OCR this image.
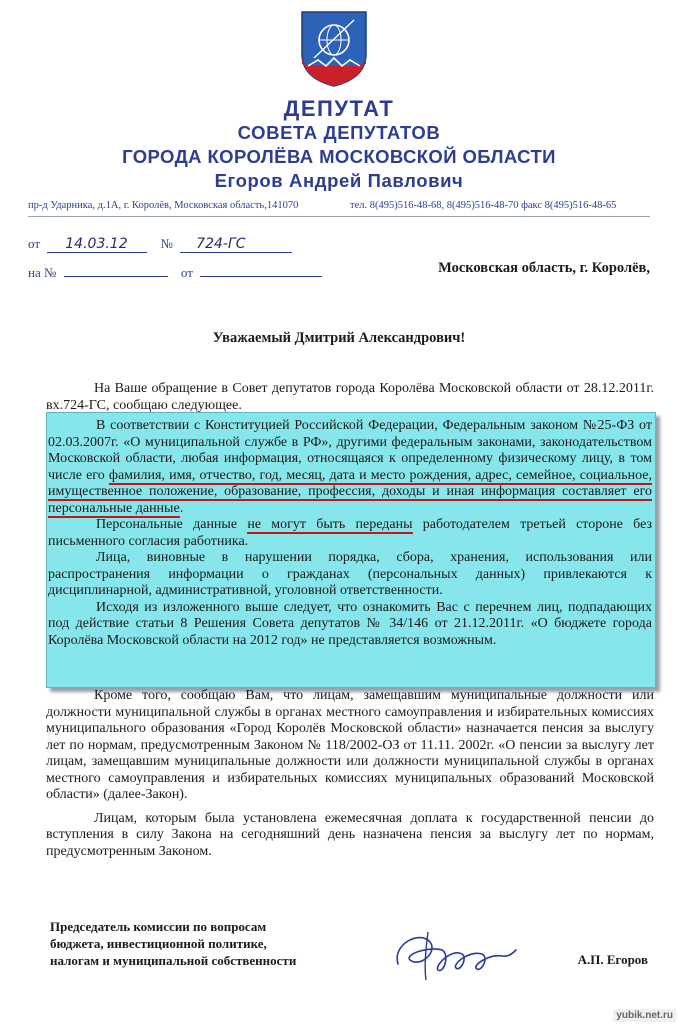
ДЕПУТАТ
СОВЕТА ДЕПУТАТОВ
ГОРОДА КОРОЛЁВА МОСКОВСКОЙ ОБЛАСТИ
Егоров Андрей Павлович
пр-д Ударника, д.1А, г. Королёв, Московская область,141070	тел. 8(495)516-48-68, 8(495)516-48-70 факс 8(495)516-48-65
от 14.03.12	№ 724-ГС
на №	от	Московская область, г. Королёв,
Уважаемый Дмитрий Александрович!

На Ваше обращение в Совет депутатов города Королёва Московской области от 28.12.2011г. вх.724-ГС, сообщаю следующее.

В соответствии с Конституцией Российской Федерации, Федеральным законом №25-ФЗ от 02.03.2007г. «О муниципальной службе в РФ», другими федеральным законами, законодательством Московской области, любая информация, относящаяся к определенному физическому лицу, в том числе его фамилия, имя, отчество, год, месяц, дата и место рождения, адрес, семейное, социальное, имущественное положение, образование, профессия, доходы и иная информация составляет его персональные данные.

Персональные данные не могут быть переданы работодателем третьей стороне без письменного согласия работника.

Лица, виновные в нарушении порядка, сбора, хранения, использования или распространения информации о гражданах (персональных данных) привлекаются к дисциплинарной, административной, уголовной ответственности.

Исходя из изложенного выше следует, что ознакомить Вас с перечнем лиц, подпадающих под действие статьи 8 Решения Совета депутатов № 34/146 от 21.12.2011г. «О бюджете города Королёва Московской области на 2012 год» не представляется возможным.

Кроме того, сообщаю Вам, что лицам, замещавшим муниципальные должности или должности муниципальной службы в органах местного самоуправления и избирательных комиссиях муниципального образования «Город Королёв Московской области» назначается пенсия за выслугу лет по нормам, предусмотренным Законом № 118/2002-ОЗ от 11.11. 2002г. «О пенсии за выслугу лет лицам, замещавшим муниципальные должности или должности муниципальной службы в органах местного самоуправления и избирательных комиссиях муниципальных образований Московской области» (далее-Закон).

Лицам, которым была установлена ежемесячная доплата к государственной пенсии до вступления в силу Закона на сегодняшний день назначена пенсия за выслугу лет по нормам, предусмотренным Законом.

Председатель комиссии по вопросам
бюджета, инвестиционной политике,
налогам и муниципальной собственности	А.П. Егоров
yubik.net.ru
